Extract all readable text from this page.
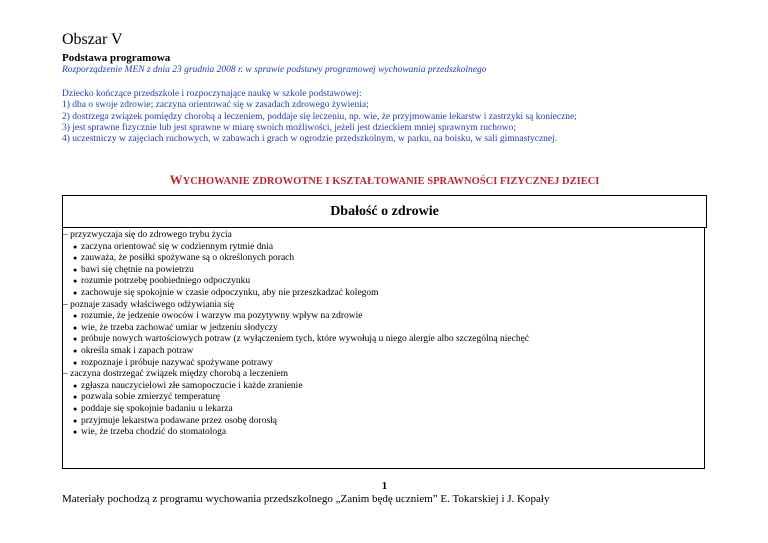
Obszar V
Podstawa programowa
Rozporządzenie MEN z dnia 23 grudnia 2008 r. w sprawie podstawy programowej wychowania przedszkolnego
Dziecko kończące przedszkole i rozpoczynające naukę w szkole podstawowej:
1) dba o swoje zdrowie; zaczyna orientować się w zasadach zdrowego żywienia;
2) dostrzega związek pomiędzy chorobą a leczeniem, poddaje się leczeniu, np. wie, że przyjmowanie lekarstw i zastrzyki są konieczne;
3) jest sprawne fizycznie lub jest sprawne w miarę swoich możliwości, jeżeli jest dzieckiem mniej sprawnym ruchowo;
4) uczestniczy w zajęciach ruchowych, w zabawach i grach w ogrodzie przedszkolnym, w parku, na boisku, w sali gimnastycznej.
WYCHOWANIE ZDROWOTNE I KSZTAŁTOWANIE SPRAWNOŚCI FIZYCZNEJ DZIECI
Dbałość o zdrowie
– przyzwyczaja się do zdrowego trybu życia
● zaczyna orientować się w codziennym rytmie dnia
● zauważa, że posiłki spożywane są o określonych porach
● bawi się chętnie na powietrzu
● rozumie potrzebę poobiedniego odpoczynku
● zachowuje się spokojnie w czasie odpoczynku, aby nie przeszkadzać kolegom
– poznaje zasady właściwego odżywiania się
● rozumie, że jedzenie owoców i warzyw ma pozytywny wpływ na zdrowie
● wie, że trzeba zachować umiar w jedzeniu słodyczy
● próbuje nowych wartościowych potraw (z wyłączeniem tych, które wywołują u niego alergie albo szczególną niechęć
● określa smak i zapach potraw
● rozpoznaje i próbuje nazywać spożywane potrawy
– zaczyna dostrzegać związek między chorobą a leczeniem
● zgłasza nauczycielowi złe samopoczucie i każde zranienie
● pozwala sobie zmierzyć temperaturę
● poddaje się spokojnie badaniu u lekarza
● przyjmuje lekarstwa podawane przez osobę dorosłą
● wie, że trzeba chodzić do stomatologa
1
Materiały pochodzą z programu wychowania przedszkolnego „Zanim będę uczniem” E. Tokarskiej i J. Kopały
